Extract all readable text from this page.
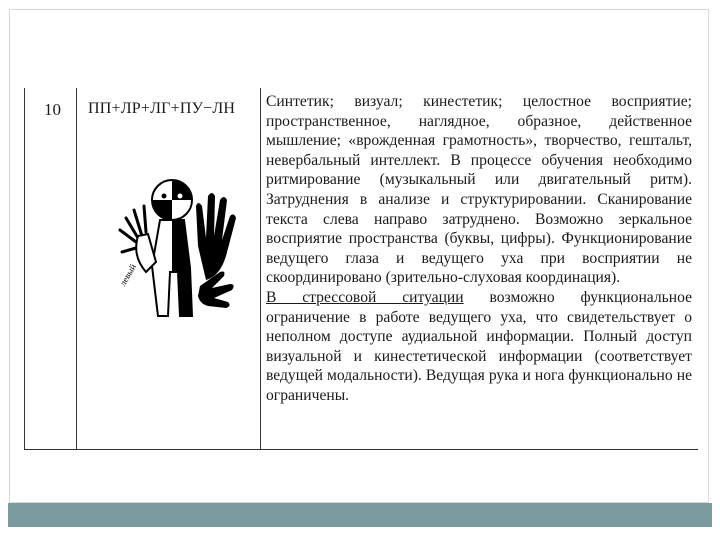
10 ПП+ЛР+ЛГ+ПУ−ЛН
левый

Синтетик; визуал; кинестетик; целостное восприятие; пространственное, наглядное, образное, действенное мышление; «врожденная грамотность», творчество, гештальт, невербальный интеллект. В процессе обучения необходимо ритмирование (музыкальный или двигательный ритм). Затруднения в анализе и структурировании. Сканирование текста слева направо затруднено. Возможно зеркальное восприятие пространства (буквы, цифры). Функционирование ведущего глаза и ведущего уха при восприятии не скоординировано (зрительно-слуховая координация).

В стрессовой ситуации возможно функциональное ограничение в работе ведущего уха, что свидетельствует о неполном доступе аудиальной информации. Полный доступ визуальной и кинестетической информации (соответствует ведущей модальности). Ведущая рука и нога функционально не ограничены.
